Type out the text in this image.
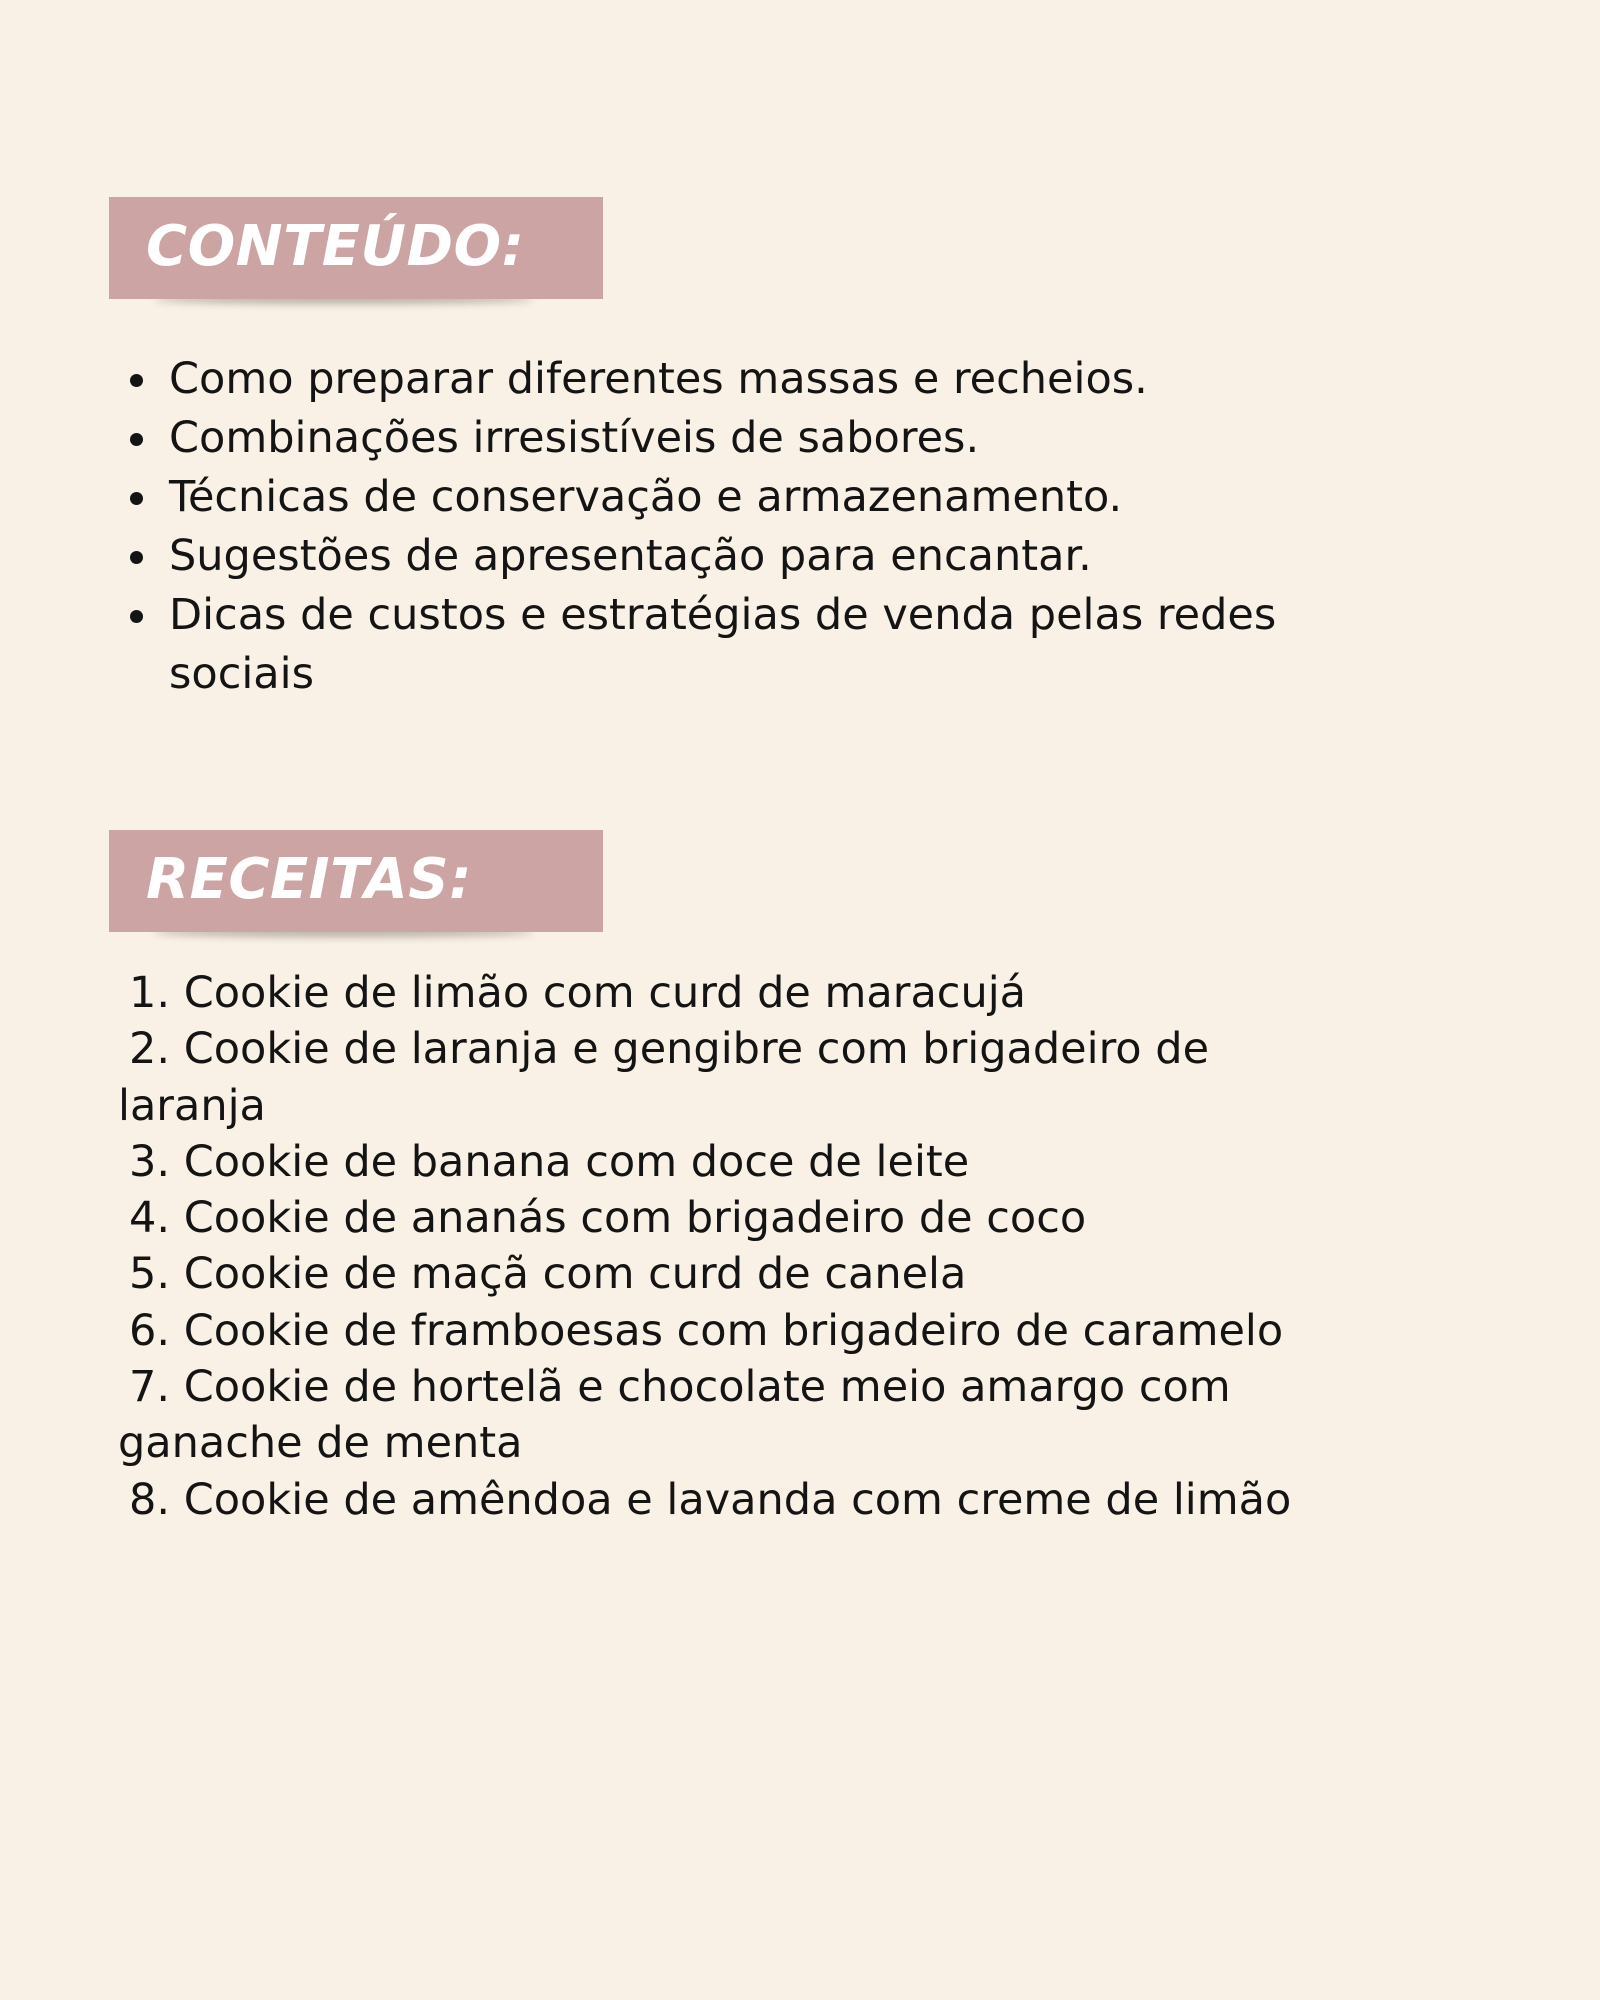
CONTEÚDO:
Como preparar diferentes massas e recheios.
Combinações irresistíveis de sabores.
Técnicas de conservação e armazenamento.
Sugestões de apresentação para encantar.
Dicas de custos e estratégias de venda pelas redes sociais
RECEITAS:
1. Cookie de limão com curd de maracujá
2. Cookie de laranja e gengibre com brigadeiro de laranja
3. Cookie de banana com doce de leite
4. Cookie de ananás com brigadeiro de coco
5. Cookie de maçã com curd de canela
6. Cookie de framboesas com brigadeiro de caramelo
7. Cookie de hortelã e chocolate meio amargo com ganache de menta
8. Cookie de amêndoa e lavanda com creme de limão
